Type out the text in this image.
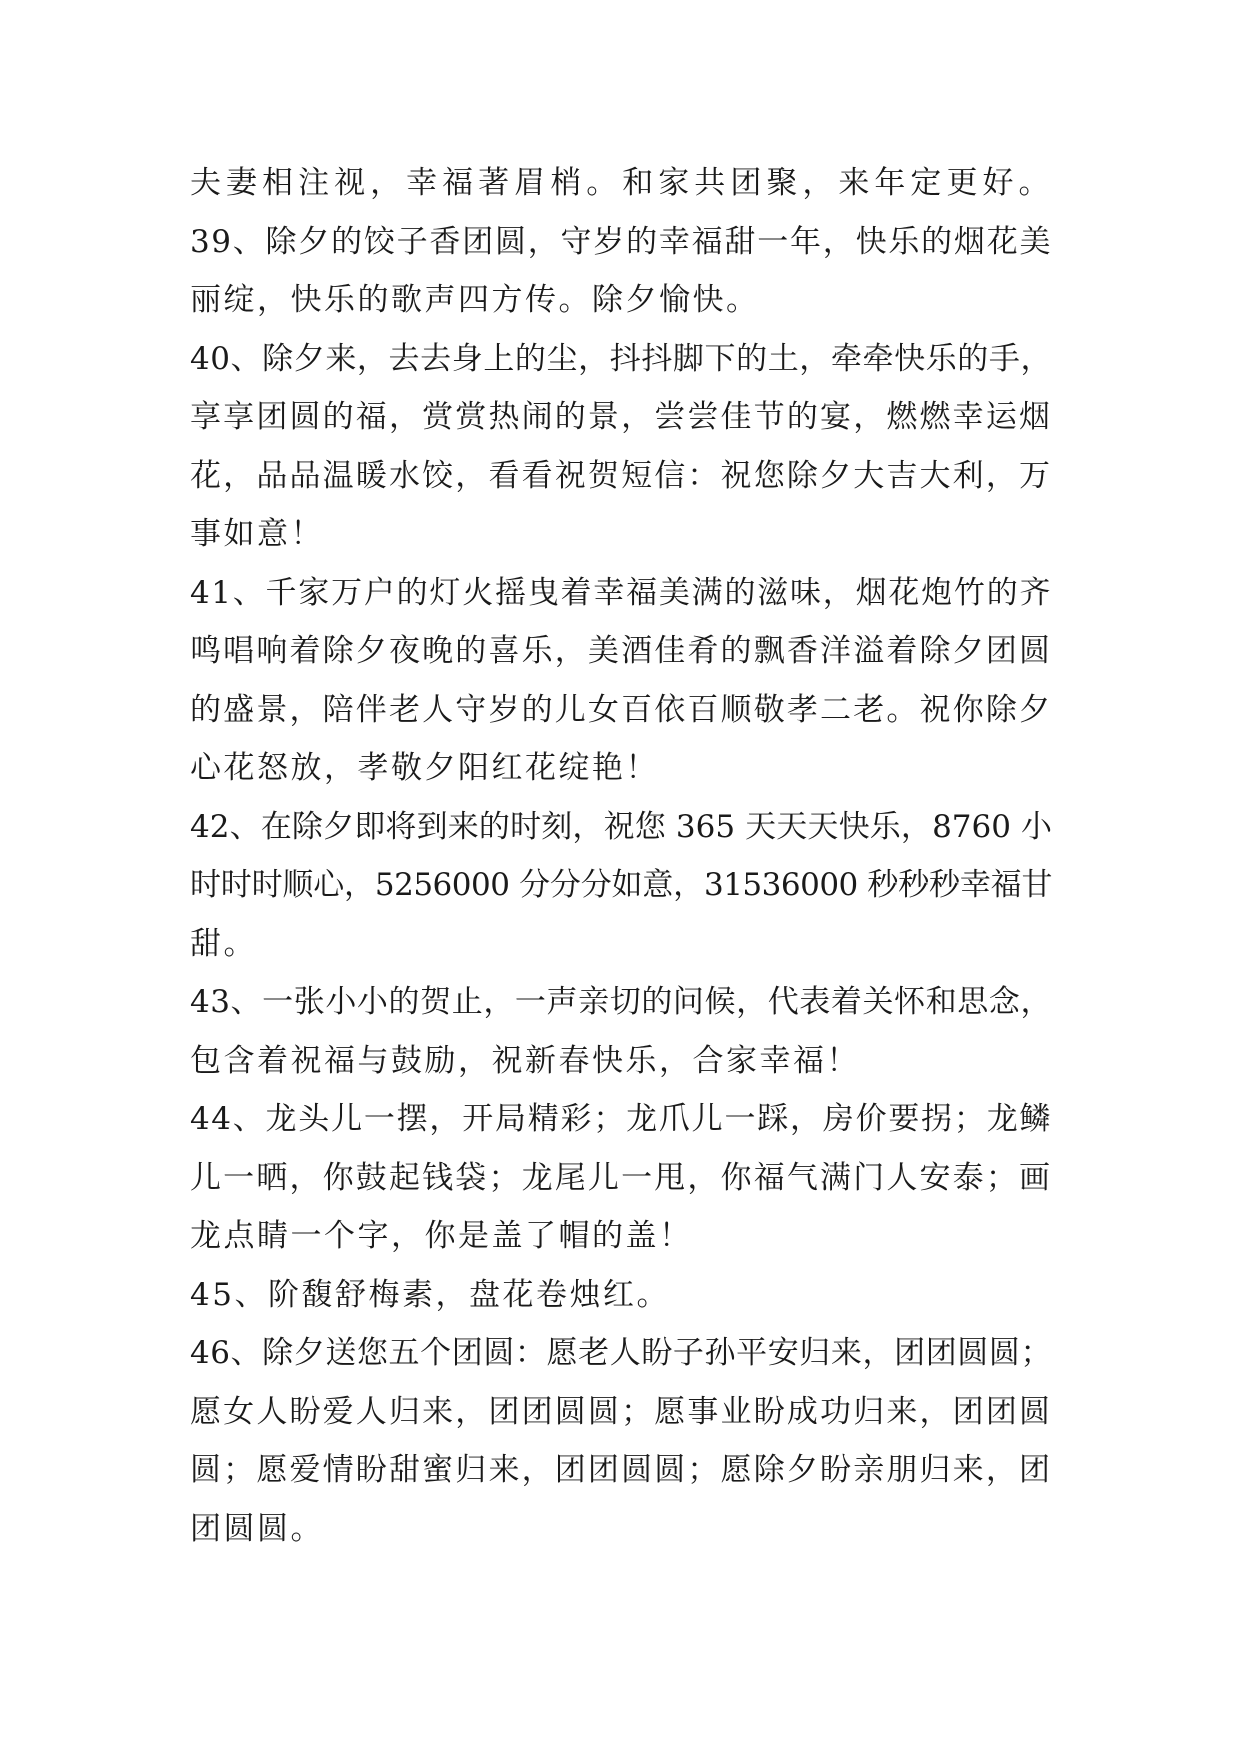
夫妻相注视，幸福著眉梢。和家共团聚，来年定更好。
39、除夕的饺子香团圆，守岁的幸福甜一年，快乐的烟花美
丽绽，快乐的歌声四方传。除夕愉快。
40、除夕来，去去身上的尘，抖抖脚下的土，牵牵快乐的手，
享享团圆的福，赏赏热闹的景，尝尝佳节的宴，燃燃幸运烟
花，品品温暖水饺，看看祝贺短信：祝您除夕大吉大利，万
事如意！
41、千家万户的灯火摇曳着幸福美满的滋味，烟花炮竹的齐
鸣唱响着除夕夜晚的喜乐，美酒佳肴的飘香洋溢着除夕团圆
的盛景，陪伴老人守岁的儿女百依百顺敬孝二老。祝你除夕
心花怒放，孝敬夕阳红花绽艳！
42、在除夕即将到来的时刻，祝您 365 天天天快乐，8760 小
时时时顺心，5256000 分分分如意，31536000 秒秒秒幸福甘
甜。
43、一张小小的贺止，一声亲切的问候，代表着关怀和思念，
包含着祝福与鼓励，祝新春快乐，合家幸福！
44、龙头儿一摆，开局精彩；龙爪儿一踩，房价要拐；龙鳞
儿一晒，你鼓起钱袋；龙尾儿一甩，你福气满门人安泰；画
龙点睛一个字，你是盖了帽的盖！
45、阶馥舒梅素，盘花卷烛红。
46、除夕送您五个团圆：愿老人盼子孙平安归来，团团圆圆；
愿女人盼爱人归来，团团圆圆；愿事业盼成功归来，团团圆
圆；愿爱情盼甜蜜归来，团团圆圆；愿除夕盼亲朋归来，团
团圆圆。
